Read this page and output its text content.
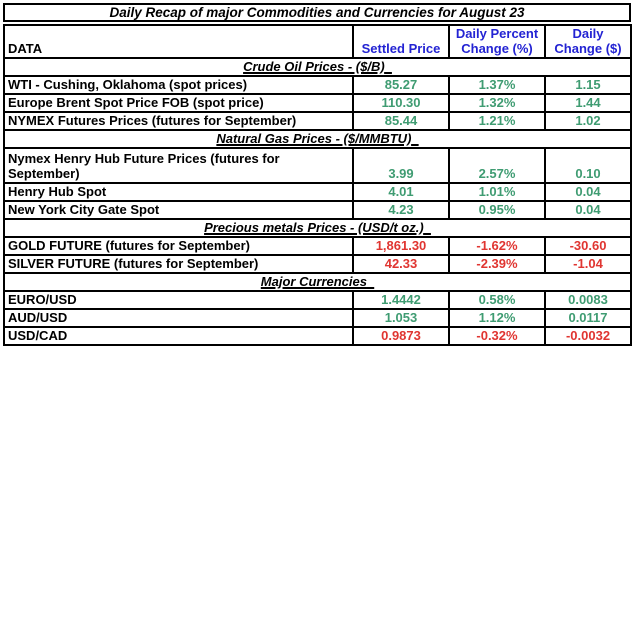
Daily Recap of major Commodities and Currencies for August 23
DATA	Settled Price	Daily Percent Change (%)	Daily Change ($)
Crude Oil Prices - ($/B)			
WTI - Cushing, Oklahoma (spot prices)	85.27	1.37%	1.15
Europe Brent Spot Price FOB (spot price)	110.30	1.32%	1.44
NYMEX Futures Prices (futures for September)	85.44	1.21%	1.02
Natural Gas Prices - ($/MMBTU)			
Nymex Henry Hub Future Prices (futures for September)	3.99	2.57%	0.10
Henry Hub Spot	4.01	1.01%	0.04
New York City Gate Spot	4.23	0.95%	0.04
Precious metals Prices - (USD/t oz.)			
GOLD FUTURE (futures for September)	1,861.30	-1.62%	-30.60
SILVER FUTURE (futures for September)	42.33	-2.39%	-1.04
Major Currencies			
EURO/USD	1.4442	0.58%	0.0083
AUD/USD	1.053	1.12%	0.0117
USD/CAD	0.9873	-0.32%	-0.0032
